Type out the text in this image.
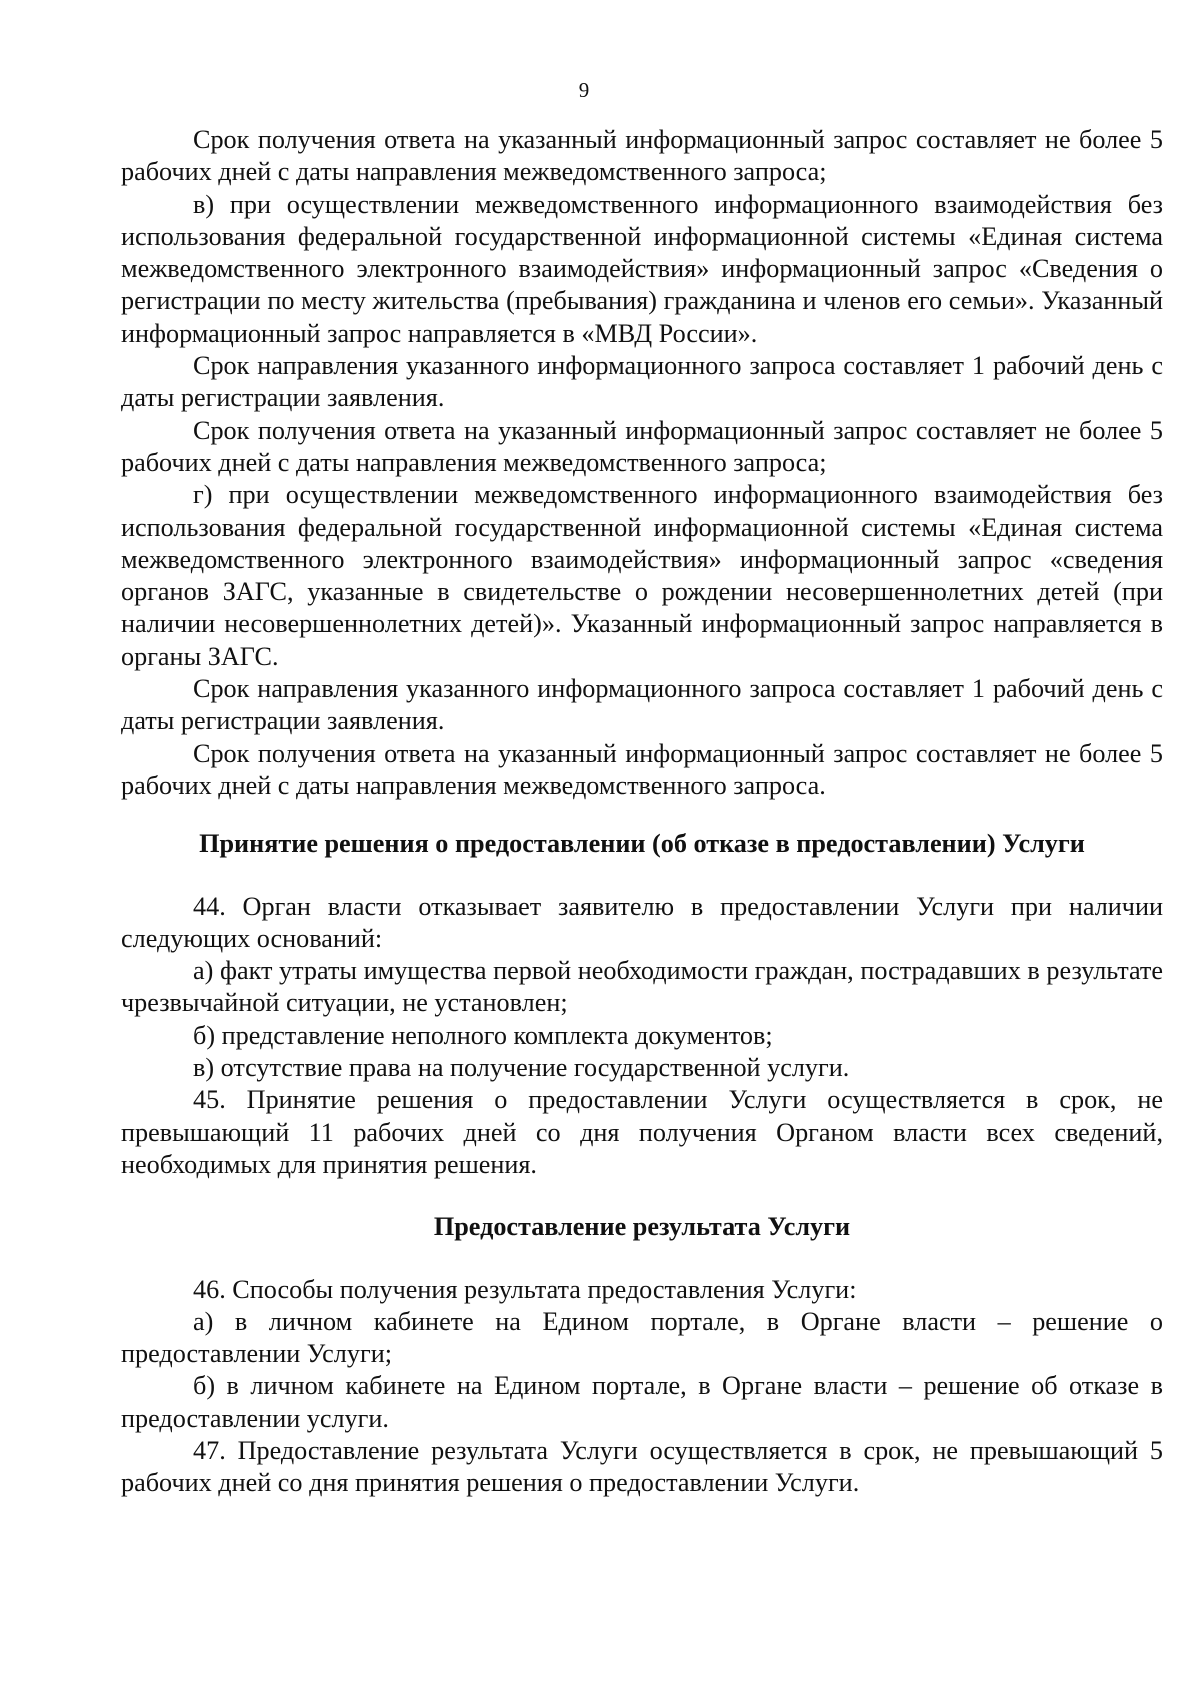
9

Срок получения ответа на указанный информационный запрос составляет не более 5 рабочих дней с даты направления межведомственного запроса;

в) при осуществлении межведомственного информационного взаимодействия без использования федеральной государственной информационной системы «Единая система межведомственного электронного взаимодействия» информационный запрос «Сведения о регистрации по месту жительства (пребывания) гражданина и членов его семьи». Указанный информационный запрос направляется в «МВД России».

Срок направления указанного информационного запроса составляет 1 рабочий день с даты регистрации заявления.

Срок получения ответа на указанный информационный запрос составляет не более 5 рабочих дней с даты направления межведомственного запроса;

г) при осуществлении межведомственного информационного взаимодействия без использования федеральной государственной информационной системы «Единая система межведомственного электронного взаимодействия» информационный запрос «сведения органов ЗАГС, указанные в свидетельстве о рождении несовершеннолетних детей (при наличии несовершеннолетних детей)». Указанный информационный запрос направляется в органы ЗАГС.

Срок направления указанного информационного запроса составляет 1 рабочий день с даты регистрации заявления.

Срок получения ответа на указанный информационный запрос составляет не более 5 рабочих дней с даты направления межведомственного запроса.

Принятие решения о предоставлении (об отказе в предоставлении) Услуги

44. Орган власти отказывает заявителю в предоставлении Услуги при наличии следующих оснований:

а) факт утраты имущества первой необходимости граждан, пострадавших в результате чрезвычайной ситуации, не установлен;

б) представление неполного комплекта документов;

в) отсутствие права на получение государственной услуги.

45. Принятие решения о предоставлении Услуги осуществляется в срок, не превышающий 11 рабочих дней со дня получения Органом власти всех сведений, необходимых для принятия решения.

Предоставление результата Услуги

46. Способы получения результата предоставления Услуги:

а) в личном кабинете на Едином портале, в Органе власти – решение о предоставлении Услуги;

б) в личном кабинете на Едином портале, в Органе власти – решение об отказе в предоставлении услуги.

47. Предоставление результата Услуги осуществляется в срок, не превышающий 5 рабочих дней со дня принятия решения о предоставлении Услуги.
